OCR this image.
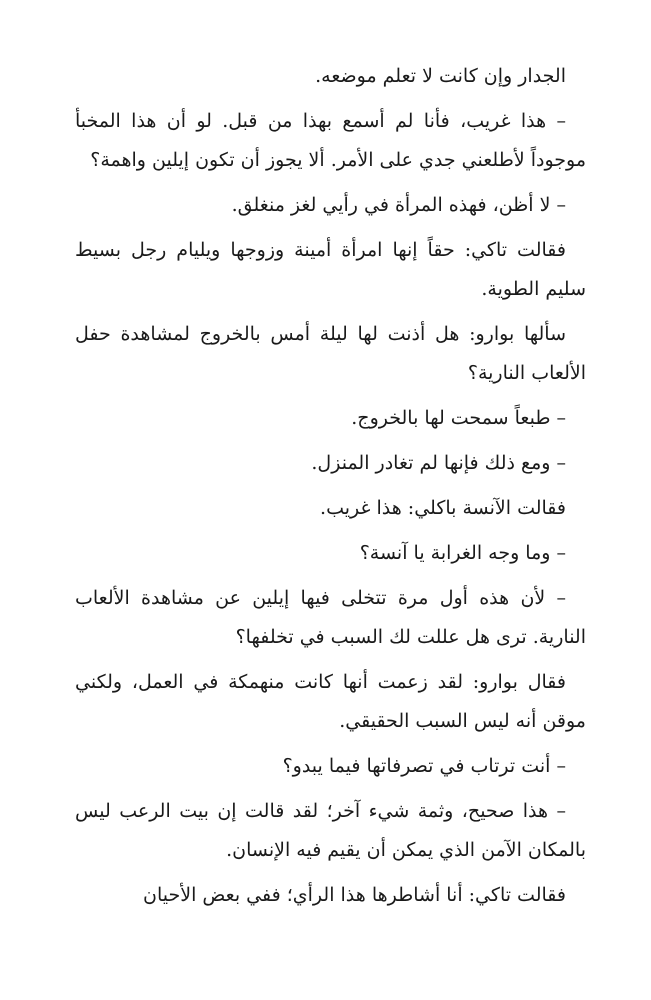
الجدار وإن كانت لا تعلم موضعه.

– هذا غريب، فأنا لم أسمع بهذا من قبل. لو أن هذا المخبأ موجوداً لأطلعني جدي على الأمر. ألا يجوز أن تكون إيلين واهمة؟

– لا أظن، فهذه المرأة في رأيي لغز منغلق.

فقالت تاكي: حقاً إنها امرأة أمينة وزوجها ويليام رجل بسيط سليم الطوية.

سألها بوارو: هل أذنت لها ليلة أمس بالخروج لمشاهدة حفل الألعاب النارية؟

– طبعاً سمحت لها بالخروج.

– ومع ذلك فإنها لم تغادر المنزل.

فقالت الآنسة باكلي: هذا غريب.

– وما وجه الغرابة يا آنسة؟

– لأن هذه أول مرة تتخلى فيها إيلين عن مشاهدة الألعاب النارية. ترى هل عللت لك السبب في تخلفها؟

فقال بوارو: لقد زعمت أنها كانت منهمكة في العمل، ولكني موقن أنه ليس السبب الحقيقي.

– أنت ترتاب في تصرفاتها فيما يبدو؟

– هذا صحيح، وثمة شيء آخر؛ لقد قالت إن بيت الرعب ليس بالمكان الآمن الذي يمكن أن يقيم فيه الإنسان.

فقالت تاكي: أنا أشاطرها هذا الرأي؛ ففي بعض الأحيان
